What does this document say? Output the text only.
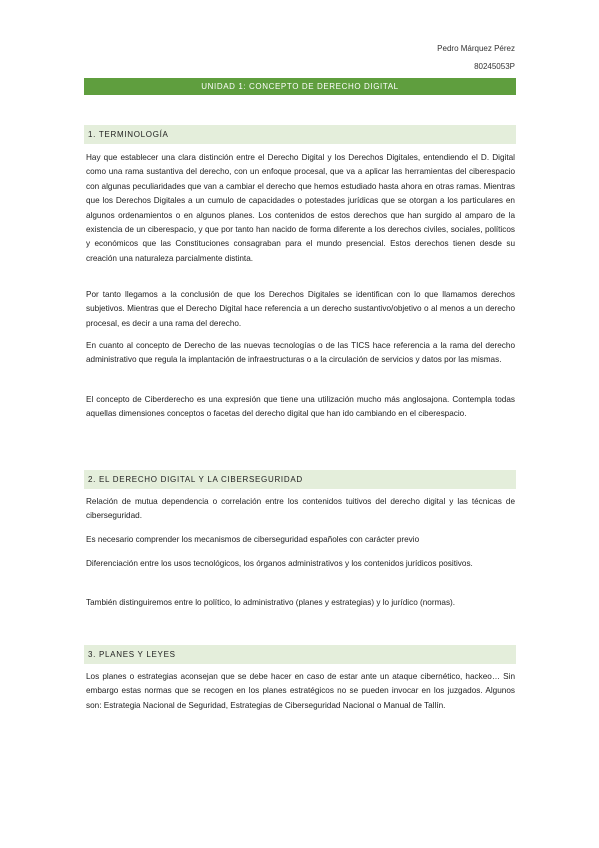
Pedro Márquez Pérez
80245053P
UNIDAD 1: CONCEPTO DE DERECHO DIGITAL
1. TERMINOLOGÍA

Hay que establecer una clara distinción entre el Derecho Digital y los Derechos Digitales, entendiendo el D. Digital como una rama sustantiva del derecho, con un enfoque procesal, que va a aplicar las herramientas del ciberespacio con algunas peculiaridades que van a cambiar el derecho que hemos estudiado hasta ahora en otras ramas. Mientras que los Derechos Digitales a un cumulo de capacidades o potestades jurídicas que se otorgan a los particulares en algunos ordenamientos o en algunos planes. Los contenidos de estos derechos que han surgido al amparo de la existencia de un ciberespacio, y que por tanto han nacido de forma diferente a los derechos civiles, sociales, políticos y económicos que las Constituciones consagraban para el mundo presencial. Estos derechos tienen desde su creación una naturaleza parcialmente distinta.

Por tanto llegamos a la conclusión de que los Derechos Digitales se identifican con lo que llamamos derechos subjetivos. Mientras que el Derecho Digital hace referencia a un derecho sustantivo/objetivo o al menos a un derecho procesal, es decir a una rama del derecho.

En cuanto al concepto de Derecho de las nuevas tecnologías o de las TICS hace referencia a la rama del derecho administrativo que regula la implantación de infraestructuras o a la circulación de servicios y datos por las mismas.

El concepto de Ciberderecho es una expresión que tiene una utilización mucho más anglosajona. Contempla todas aquellas dimensiones conceptos o facetas del derecho digital que han ido cambiando en el ciberespacio.

2. EL DERECHO DIGITAL Y LA CIBERSEGURIDAD

Relación de mutua dependencia o correlación entre los contenidos tuitivos del derecho digital y las técnicas de ciberseguridad.

Es necesario comprender los mecanismos de ciberseguridad españoles con carácter previo

Diferenciación entre los usos tecnológicos, los órganos administrativos y los contenidos jurídicos positivos.

También distinguiremos entre lo político, lo administrativo (planes y estrategias) y lo jurídico (normas).

3. PLANES Y LEYES

Los planes o estrategias aconsejan que se debe hacer en caso de estar ante un ataque cibernético, hackeo… Sin embargo estas normas que se recogen en los planes estratégicos no se pueden invocar en los juzgados. Algunos son: Estrategia Nacional de Seguridad, Estrategias de Ciberseguridad Nacional o Manual de Tallín.
